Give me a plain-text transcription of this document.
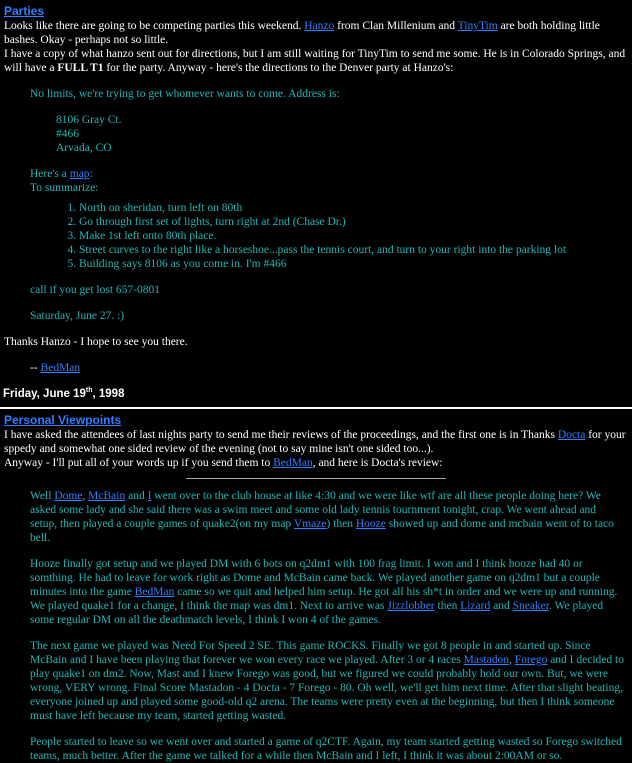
Parties

Looks like there are going to be competing parties this weekend. Hanzo from Clan Millenium and TinyTim are both holding little bashes. Okay - perhaps not so little.
I have a copy of what hanzo sent out for directions, but I am still waiting for TinyTim to send me some. He is in Colorado Springs, and will have a FULL T1 for the party. Anyway - here's the directions to the Denver party at Hanzo's:

No limits, we're trying to get whomever wants to come. Address is:

8106 Gray Ct.
#466
Arvada, CO
Here's a map:
To summarize:
1. North on sheridan, turn left on 80th
2. Go through first set of lights, turn right at 2nd (Chase Dr.)
3. Make 1st left onto 80th place.
4. Street curves to the right like a horseshoe...pass the tennis court, and turn to your right into the parking lot
5. Building says 8106 as you come in. I'm #466

call if you get lost 657-0801

Saturday, June 27. :)

Thanks Hanzo - I hope to see you there.

-- BedMan
Friday, June 19th, 1998
Personal Viewpoints

I have asked the attendees of last nights party to send me their reviews of the proceedings, and the first one is in Thanks Docta for your sppedy and somewhat one sided review of the evening (not to say mine isn't one sided too...).
Anyway - I'll put all of your words up if you send them to BedMan, and here is Docta's review:

Well Dome, McBain and I went over to the club house at like 4:30 and we were like wtf are all these people doing here? We asked some lady and she said there was a swim meet and some old lady tennis tournment tonight, crap. We went ahead and setup, then played a couple games of quake2(on my map Vmaze) then Hooze showed up and dome and mcbain went of to taco bell.

Hooze finally got setup and we played DM with 6 bots on q2dm1 with 100 frag limit. I won and I think hooze had 40 or somthing. He had to leave for work right as Dome and McBain came back. We played another game on q2dm1 but a couple minutes into the game BedMan came so we quit and helped him setup. He got all his sh*t in order and we were up and running. We played quake1 for a change, I think the map was dm1. Next to arrive was Jizzlobber then Lizard and Sneaker. We played some regular DM on all the deathmatch levels, I think I won 4 of the games.

The next game we played was Need For Speed 2 SE. This game ROCKS. Finally we got 8 people in and started up. Since McBain and I have been playing that forever we won every race we played. After 3 or 4 races Mastadon, Forego and I decided to play quake1 on dm2. Now, Mast and I knew Forego was good, but we figured we could probably hold our own. But, we were wrong, VERY wrong. Final Score Mastadon - 4 Docta - 7 Forego - 80. Oh well, we'll get him next time. After that slight beating, everyone joined up and played some good-old q2 arena. The teams were pretty even at the beginning, but then I think someone must have left because my team, started getting wasted.

People started to leave so we went over and started a game of q2CTF. Again, my team started getting wasted so Forego switched teams, much better. After the game we talked for a while then McBain and I left, I think it was about 2:00AM or so.
